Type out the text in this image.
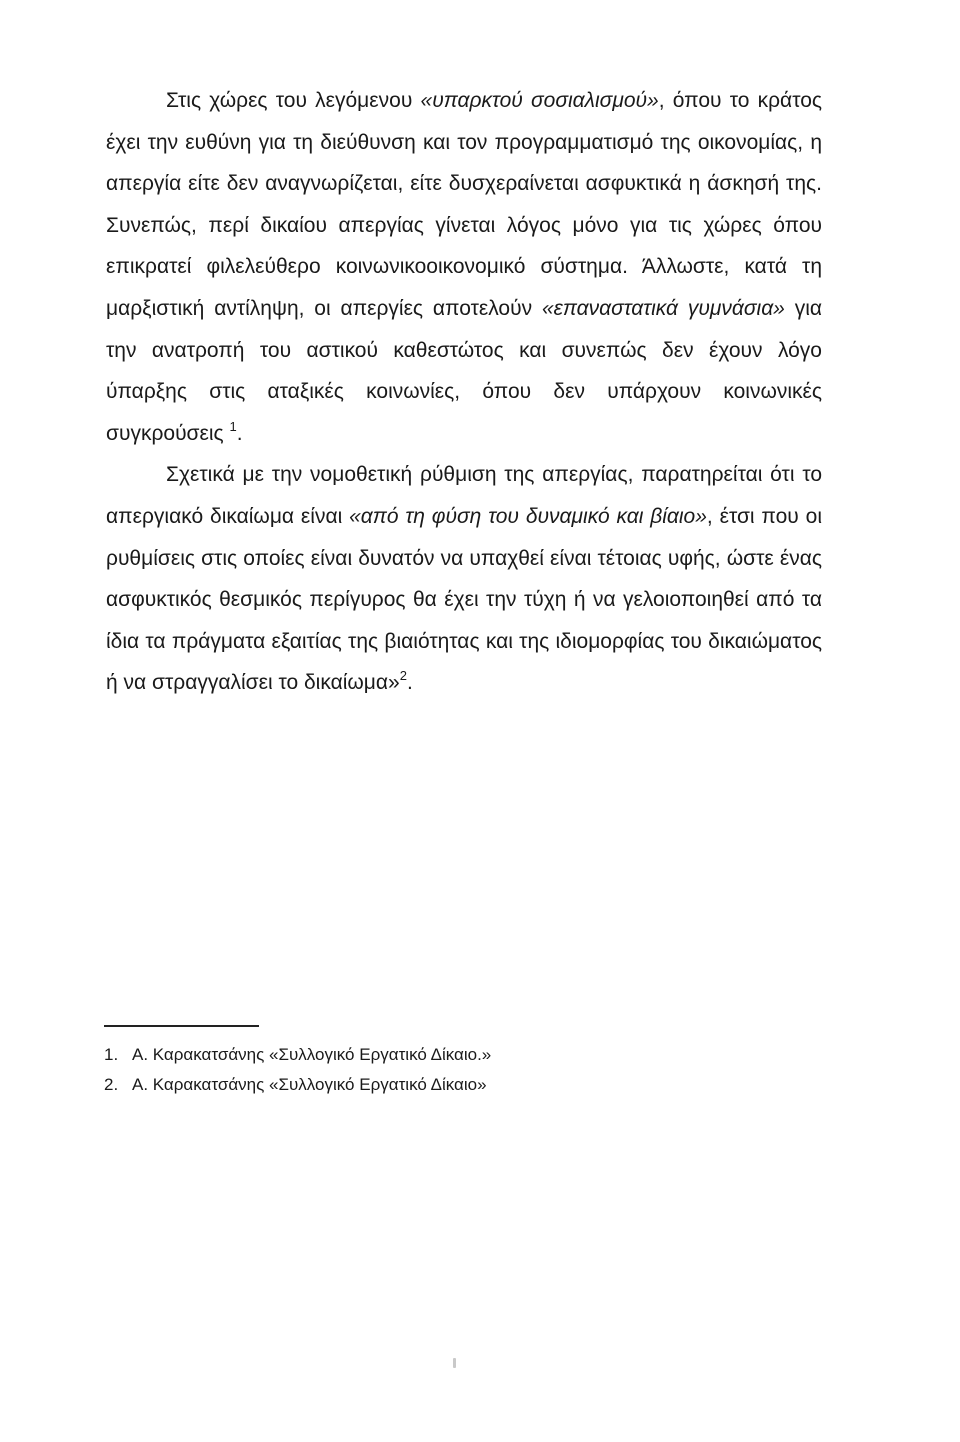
Στις χώρες του λεγόμενου «υπαρκτού σοσιαλισμού», όπου το κράτος έχει την ευθύνη για τη διεύθυνση και τον προγραμματισμό της οικονομίας, η απεργία είτε δεν αναγνωρίζεται, είτε δυσχεραίνεται ασφυκτικά η άσκησή της. Συνεπώς, περί δικαίου απεργίας γίνεται λόγος μόνο για τις χώρες όπου επικρατεί φιλελεύθερο κοινωνικοοικονομικό σύστημα. Άλλωστε, κατά τη μαρξιστική αντίληψη, οι απεργίες αποτελούν «επαναστατικά γυμνάσια» για την ανατροπή του αστικού καθεστώτος και συνεπώς δεν έχουν λόγο ύπαρξης στις αταξικές κοινωνίες, όπου δεν υπάρχουν κοινωνικές συγκρούσεις $^1$.

Σχετικά με την νομοθετική ρύθμιση της απεργίας, παρατηρείται ότι το απεργιακό δικαίωμα είναι «από τη φύση του δυναμικό και βίαιο», έτσι που οι ρυθμίσεις στις οποίες είναι δυνατόν να υπαχθεί είναι τέτοιας υφής, ώστε ένας ασφυκτικός θεσμικός περίγυρος θα έχει την τύχη ή να γελοιοποιηθεί από τα ίδια τα πράγματα εξαιτίας της βιαιότητας και της ιδιομορφίας του δικαιώματος ή να στραγγαλίσει το δικαίωμα»$^2$.

1. Α. Καρακατσάνης «Συλλογικό Εργατικό Δίκαιο.»

2. Α. Καρακατσάνης «Συλλογικό Εργατικό Δίκαιο»
